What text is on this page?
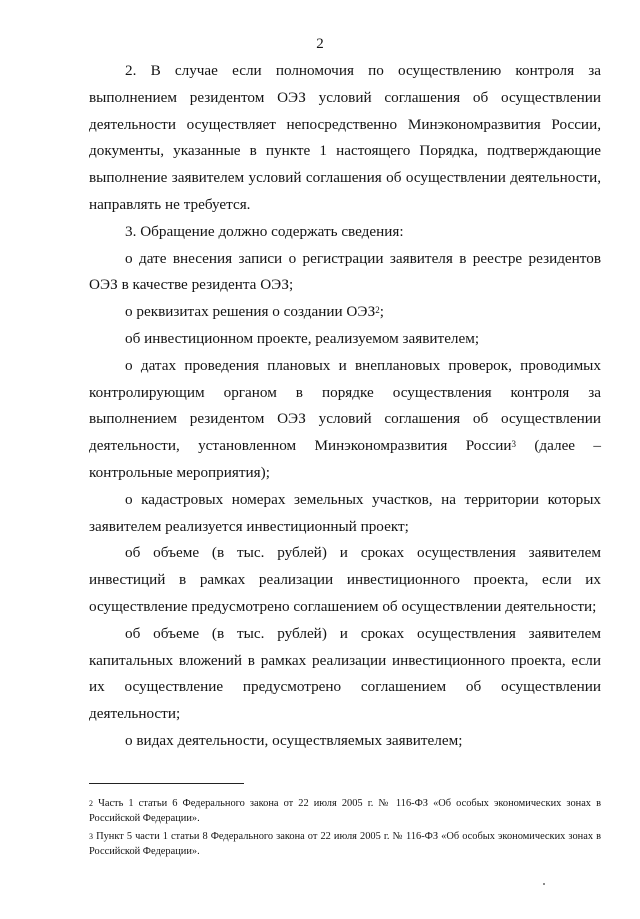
2

2. В случае если полномочия по осуществлению контроля за выполнением резидентом ОЭЗ условий соглашения об осуществлении деятельности осуществляет непосредственно Минэкономразвития России, документы, указанные в пункте 1 настоящего Порядка, подтверждающие выполнение заявителем условий соглашения об осуществлении деятельности, направлять не требуется.

3. Обращение должно содержать сведения:

о дате внесения записи о регистрации заявителя в реестре резидентов ОЭЗ в качестве резидента ОЭЗ;

о реквизитах решения о создании ОЭЗ$^2$;

об инвестиционном проекте, реализуемом заявителем;

о датах проведения плановых и внеплановых проверок, проводимых контролирующим органом в порядке осуществления контроля за выполнением резидентом ОЭЗ условий соглашения об осуществлении деятельности, установленном Минэкономразвития России$^3$ (далее – контрольные мероприятия);

о кадастровых номерах земельных участков, на территории которых заявителем реализуется инвестиционный проект;

об объеме (в тыс. рублей) и сроках осуществления заявителем инвестиций в рамках реализации инвестиционного проекта, если их осуществление предусмотрено соглашением об осуществлении деятельности;

об объеме (в тыс. рублей) и сроках осуществления заявителем капитальных вложений в рамках реализации инвестиционного проекта, если их осуществление предусмотрено соглашением об осуществлении деятельности;

о видах деятельности, осуществляемых заявителем;

$^2$ Часть 1 статьи 6 Федерального закона от 22 июля 2005 г. № 116-ФЗ «Об особых экономических зонах в Российской Федерации».

$^3$ Пункт 5 части 1 статьи 8 Федерального закона от 22 июля 2005 г. № 116-ФЗ «Об особых экономических зонах в Российской Федерации».
